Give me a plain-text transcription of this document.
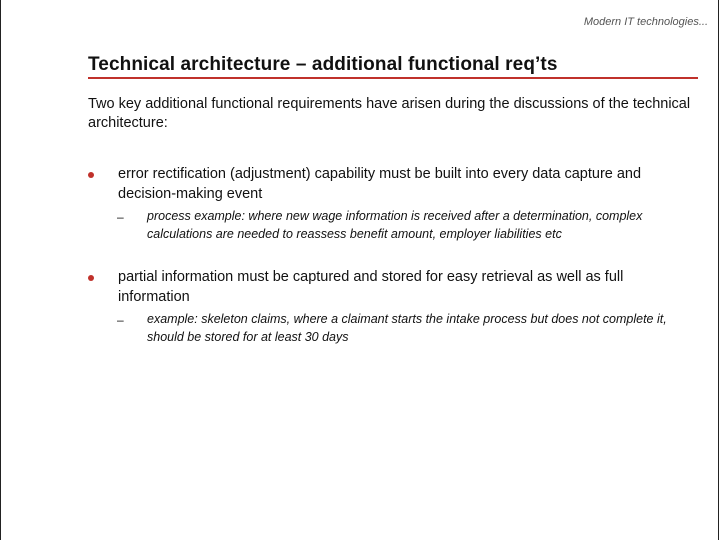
Modern IT technologies...
Technical architecture – additional functional req’ts
Two key additional functional requirements have arisen during the discussions of the technical architecture:
error rectification (adjustment) capability must be built into every data capture and decision-making event
– process example: where new wage information is received after a determination, complex calculations are needed to reassess benefit amount, employer liabilities etc
partial information must be captured and stored for easy retrieval as well as full information
– example: skeleton claims, where a claimant starts the intake process but does not complete it, should be stored for at least 30 days
